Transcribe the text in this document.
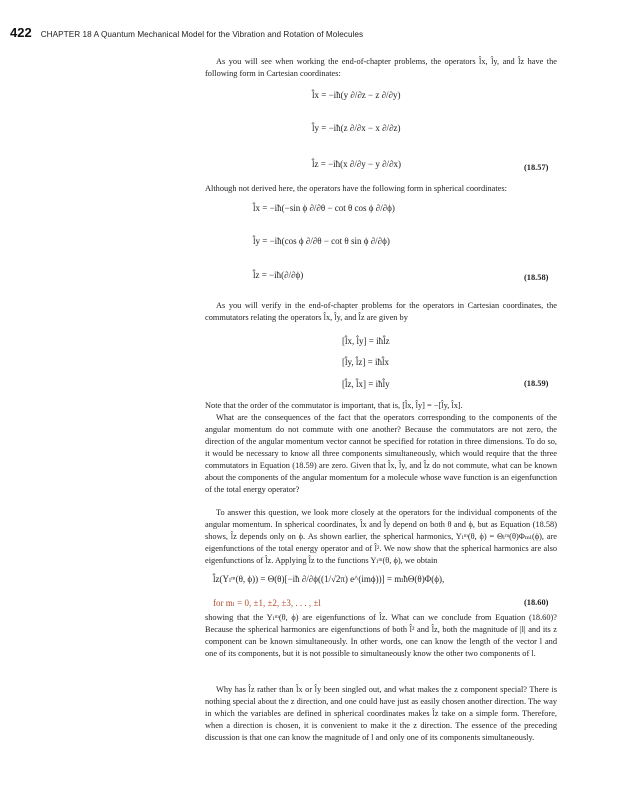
422 CHAPTER 18 A Quantum Mechanical Model for the Vibration and Rotation of Molecules
As you will see when working the end-of-chapter problems, the operators l̂x, l̂y, and l̂z have the following form in Cartesian coordinates:
l̂x = −iħ(y ∂/∂z − z ∂/∂y)
l̂y = −iħ(z ∂/∂x − x ∂/∂z)
l̂z = −iħ(x ∂/∂y − y ∂/∂x)	(18.57)
Although not derived here, the operators have the following form in spherical coordinates:
l̂x = −iħ(−sin ϕ ∂/∂θ − cot θ cos ϕ ∂/∂ϕ)
l̂y = −iħ(cos ϕ ∂/∂θ − cot θ sin ϕ ∂/∂ϕ)
l̂z = −iħ(∂/∂ϕ)	(18.58)
As you will verify in the end-of-chapter problems for the operators in Cartesian coordinates, the commutators relating the operators l̂x, l̂y, and l̂z are given by
[l̂x, l̂y] = iħl̂z
[l̂y, l̂z] = iħl̂x
[l̂z, l̂x] = iħl̂y	(18.59)
Note that the order of the commutator is important, that is, [l̂x, l̂y] = −[l̂y, l̂x].
What are the consequences of the fact that the operators corresponding to the components of the angular momentum do not commute with one another? Because the commutators are not zero, the direction of the angular momentum vector cannot be specified for rotation in three dimensions. To do so, it would be necessary to know all three components simultaneously, which would require that the three commutators in Equation (18.59) are zero. Given that l̂x, l̂y, and l̂z do not commute, what can be known about the components of the angular momentum for a molecule whose wave function is an eigenfunction of the total energy operator?
To answer this question, we look more closely at the operators for the individual components of the angular momentum. In spherical coordinates, l̂x and l̂y depend on both θ and ϕ, but as Equation (18.58) shows, l̂z depends only on ϕ. As shown earlier, the spherical harmonics, Yₗᵐ(θ, ϕ) = Θₗᵐ(θ)Φₘₗ(ϕ), are eigenfunctions of the total energy operator and of l̂². We now show that the spherical harmonics are also eigenfunctions of l̂z. Applying l̂z to the functions Yₗᵐ(θ, ϕ), we obtain
l̂z(Yₗᵐ(θ, ϕ)) = Θ(θ)[−iħ ∂/∂ϕ((1/√2π) e^(imϕ))] = mₗħΘ(θ)Φ(ϕ),
for mₗ = 0, ±1, ±2, ±3, . . . , ±l	(18.60)
showing that the Yₗᵐ(θ, ϕ) are eigenfunctions of l̂z. What can we conclude from Equation (18.60)? Because the spherical harmonics are eigenfunctions of both l̂² and l̂z, both the magnitude of |l| and its z component can be known simultaneously. In other words, one can know the length of the vector l and one of its components, but it is not possible to simultaneously know the other two components of l.
Why has l̂z rather than l̂x or l̂y been singled out, and what makes the z component special? There is nothing special about the z direction, and one could have just as easily chosen another direction. The way in which the variables are defined in spherical coordinates makes l̂z take on a simple form. Therefore, when a direction is chosen, it is convenient to make it the z direction. The essence of the preceding discussion is that one can know the magnitude of l and only one of its components simultaneously.
